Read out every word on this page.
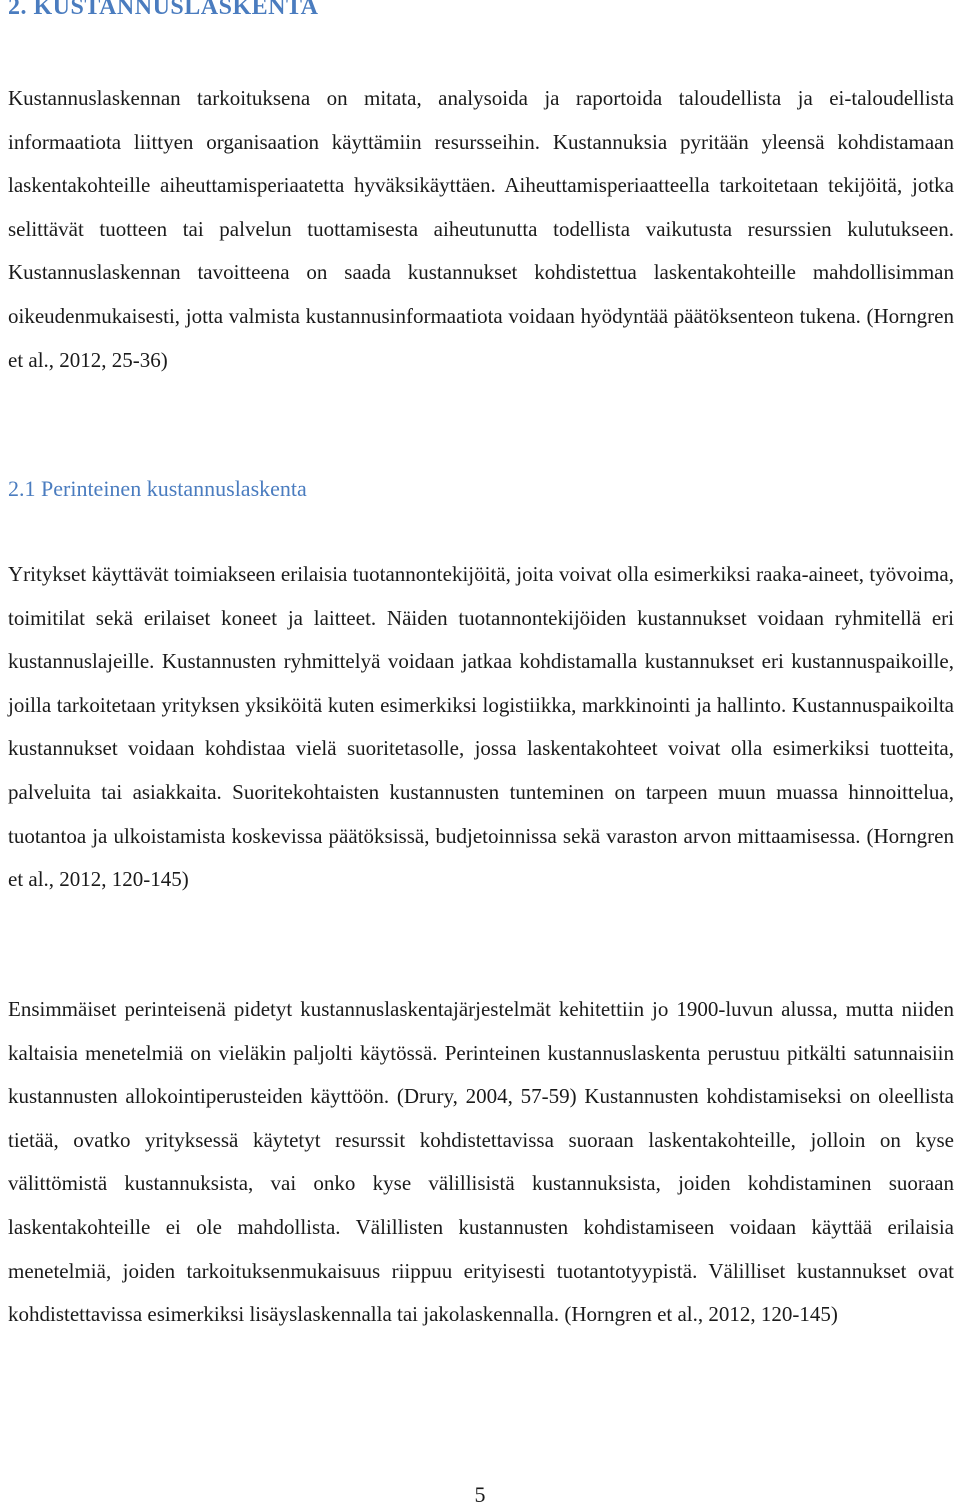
2. KUSTANNUSLASKENTA

Kustannuslaskennan tarkoituksena on mitata, analysoida ja raportoida taloudellista ja ei-taloudellista informaatiota liittyen organisaation käyttämiin resursseihin. Kustannuksia pyritään yleensä kohdistamaan laskentakohteille aiheuttamisperiaatetta hyväksikäyttäen. Aiheuttamisperiaatteella tarkoitetaan tekijöitä, jotka selittävät tuotteen tai palvelun tuottamisesta aiheutunutta todellista vaikutusta resurssien kulutukseen. Kustannuslaskennan tavoitteena on saada kustannukset kohdistettua laskentakohteille mahdollisimman oikeudenmukaisesti, jotta valmista kustannusinformaatiota voidaan hyödyntää päätöksenteon tukena. (Horngren et al., 2012, 25-36)

2.1 Perinteinen kustannuslaskenta

Yritykset käyttävät toimiakseen erilaisia tuotannontekijöitä, joita voivat olla esimerkiksi raaka-aineet, työvoima, toimitilat sekä erilaiset koneet ja laitteet. Näiden tuotannontekijöiden kustannukset voidaan ryhmitellä eri kustannuslajeille. Kustannusten ryhmittelyä voidaan jatkaa kohdistamalla kustannukset eri kustannuspaikoille, joilla tarkoitetaan yrityksen yksiköitä kuten esimerkiksi logistiikka, markkinointi ja hallinto. Kustannuspaikoilta kustannukset voidaan kohdistaa vielä suoritetasolle, jossa laskentakohteet voivat olla esimerkiksi tuotteita, palveluita tai asiakkaita. Suoritekohtaisten kustannusten tunteminen on tarpeen muun muassa hinnoittelua, tuotantoa ja ulkoistamista koskevissa päätöksissä, budjetoinnissa sekä varaston arvon mittaamisessa. (Horngren et al., 2012, 120-145)

Ensimmäiset perinteisenä pidetyt kustannuslaskentajärjestelmät kehitettiin jo 1900-luvun alussa, mutta niiden kaltaisia menetelmiä on vieläkin paljolti käytössä. Perinteinen kustannuslaskenta perustuu pitkälti satunnaisiin kustannusten allokointiperusteiden käyttöön. (Drury, 2004, 57-59) Kustannusten kohdistamiseksi on oleellista tietää, ovatko yrityksessä käytetyt resurssit kohdistettavissa suoraan laskentakohteille, jolloin on kyse välittömistä kustannuksista, vai onko kyse välillisistä kustannuksista, joiden kohdistaminen suoraan laskentakohteille ei ole mahdollista. Välillisten kustannusten kohdistamiseen voidaan käyttää erilaisia menetelmiä, joiden tarkoituksenmukaisuus riippuu erityisesti tuotantotyypistä. Välilliset kustannukset ovat kohdistettavissa esimerkiksi lisäyslaskennalla tai jakolaskennalla. (Horngren et al., 2012, 120-145)

5
